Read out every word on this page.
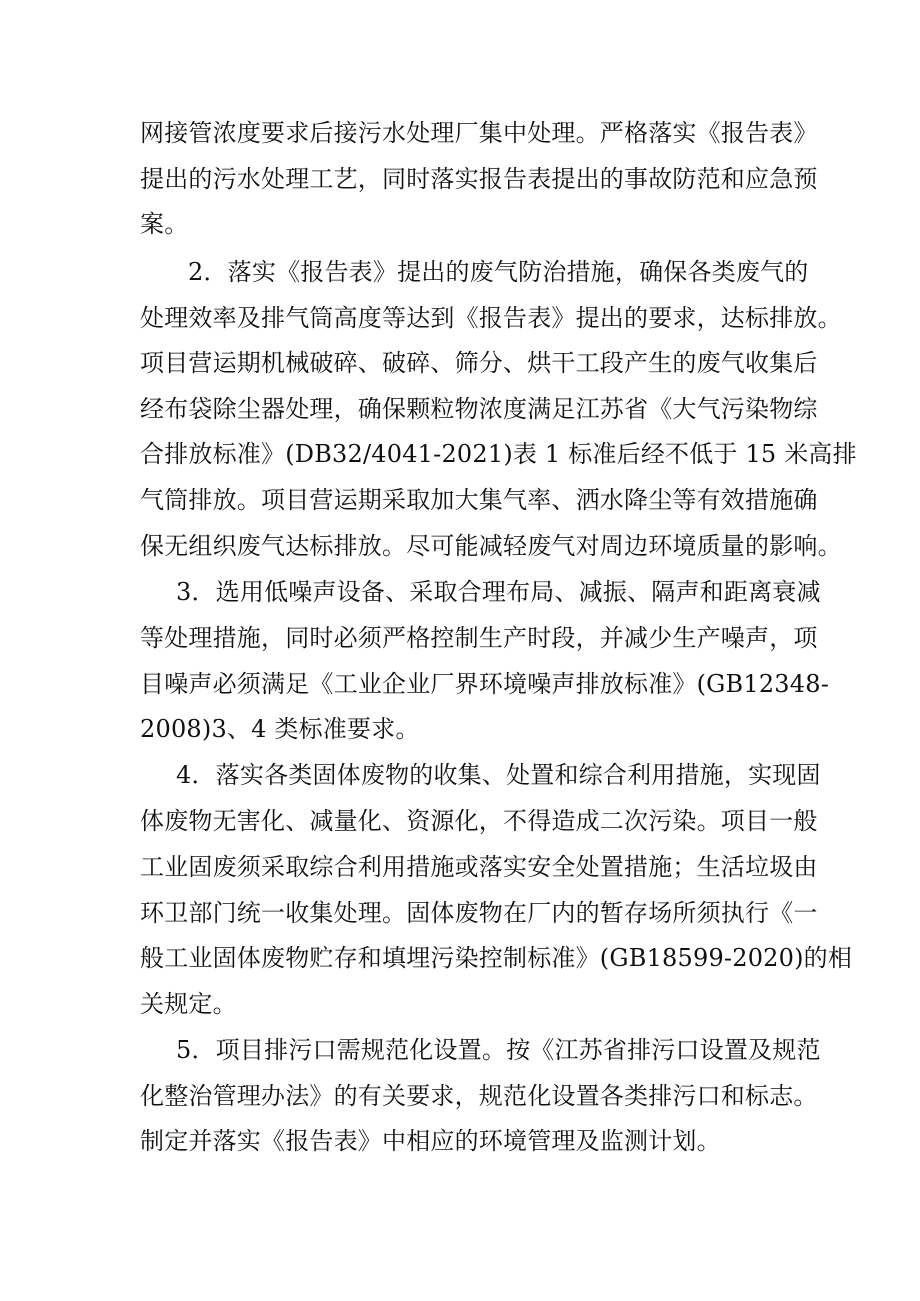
网接管浓度要求后接污水处理厂集中处理。严格落实《报告表》
提出的污水处理工艺，同时落实报告表提出的事故防范和应急预
案。
2．落实《报告表》提出的废气防治措施，确保各类废气的
处理效率及排气筒高度等达到《报告表》提出的要求，达标排放。
项目营运期机械破碎、破碎、筛分、烘干工段产生的废气收集后
经布袋除尘器处理，确保颗粒物浓度满足江苏省《大气污染物综
合排放标准》(DB32/4041-2021)表 1 标准后经不低于 15 米高排
气筒排放。项目营运期采取加大集气率、洒水降尘等有效措施确
保无组织废气达标排放。尽可能减轻废气对周边环境质量的影响。
3．选用低噪声设备、采取合理布局、减振、隔声和距离衰减
等处理措施，同时必须严格控制生产时段，并减少生产噪声，项
目噪声必须满足《工业企业厂界环境噪声排放标准》(GB12348-
2008)3、4 类标准要求。
4．落实各类固体废物的收集、处置和综合利用措施，实现固
体废物无害化、减量化、资源化，不得造成二次污染。项目一般
工业固废须采取综合利用措施或落实安全处置措施；生活垃圾由
环卫部门统一收集处理。固体废物在厂内的暂存场所须执行《一
般工业固体废物贮存和填埋污染控制标准》(GB18599-2020)的相
关规定。
5．项目排污口需规范化设置。按《江苏省排污口设置及规范
化整治管理办法》的有关要求，规范化设置各类排污口和标志。
制定并落实《报告表》中相应的环境管理及监测计划。
